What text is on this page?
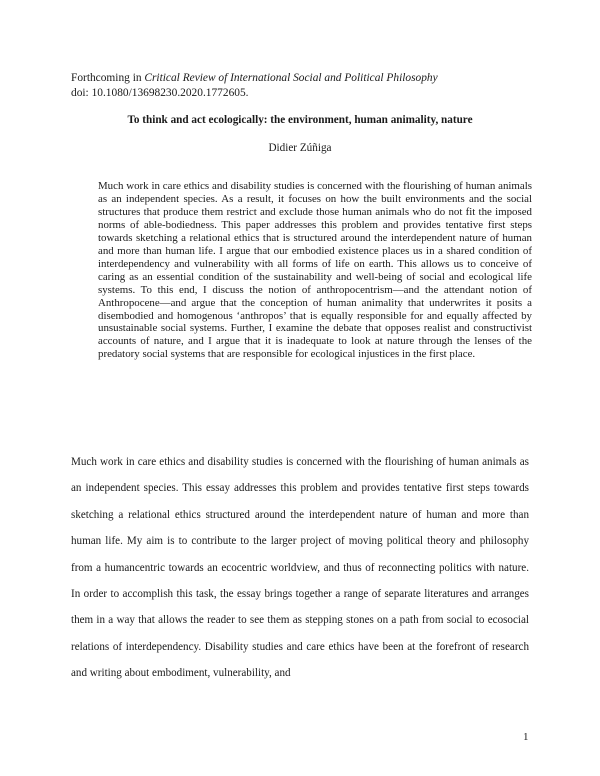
Forthcoming in Critical Review of International Social and Political Philosophy
doi: 10.1080/13698230.2020.1772605.
To think and act ecologically: the environment, human animality, nature
Didier Zúñiga

Much work in care ethics and disability studies is concerned with the flourishing of human animals as an independent species. As a result, it focuses on how the built environments and the social structures that produce them restrict and exclude those human animals who do not fit the imposed norms of able-bodiedness. This paper addresses this problem and provides tentative first steps towards sketching a relational ethics that is structured around the interdependent nature of human and more than human life. I argue that our embodied existence places us in a shared condition of interdependency and vulnerability with all forms of life on earth. This allows us to conceive of caring as an essential condition of the sustainability and well-being of social and ecological life systems. To this end, I discuss the notion of anthropocentrism—and the attendant notion of Anthropocene—and argue that the conception of human animality that underwrites it posits a disembodied and homogenous ‘anthropos’ that is equally responsible for and equally affected by unsustainable social systems. Further, I examine the debate that opposes realist and constructivist accounts of nature, and I argue that it is inadequate to look at nature through the lenses of the predatory social systems that are responsible for ecological injustices in the first place.

Much work in care ethics and disability studies is concerned with the flourishing of human animals as an independent species. This essay addresses this problem and provides tentative first steps towards sketching a relational ethics structured around the interdependent nature of human and more than human life. My aim is to contribute to the larger project of moving political theory and philosophy from a humancentric towards an ecocentric worldview, and thus of reconnecting politics with nature. In order to accomplish this task, the essay brings together a range of separate literatures and arranges them in a way that allows the reader to see them as stepping stones on a path from social to ecosocial relations of interdependency. Disability studies and care ethics have been at the forefront of research and writing about embodiment, vulnerability, and

1
